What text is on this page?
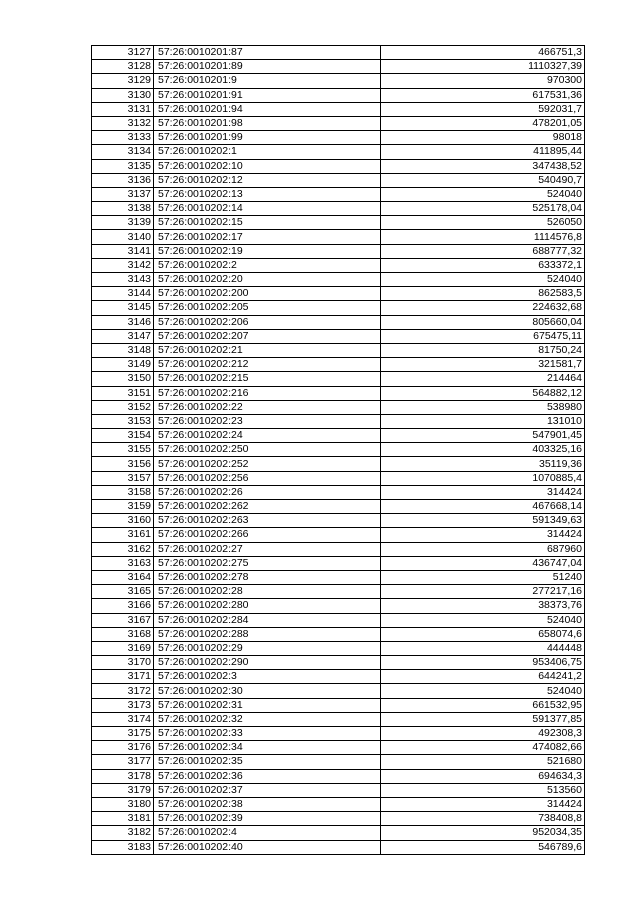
3127	57:26:0010201:87	466751,3
3128	57:26:0010201:89	1110327,39
3129	57:26:0010201:9	970300
3130	57:26:0010201:91	617531,36
3131	57:26:0010201:94	592031,7
3132	57:26:0010201:98	478201,05
3133	57:26:0010201:99	98018
3134	57:26:0010202:1	411895,44
3135	57:26:0010202:10	347438,52
3136	57:26:0010202:12	540490,7
3137	57:26:0010202:13	524040
3138	57:26:0010202:14	525178,04
3139	57:26:0010202:15	526050
3140	57:26:0010202:17	1114576,8
3141	57:26:0010202:19	688777,32
3142	57:26:0010202:2	633372,1
3143	57:26:0010202:20	524040
3144	57:26:0010202:200	862583,5
3145	57:26:0010202:205	224632,68
3146	57:26:0010202:206	805660,04
3147	57:26:0010202:207	675475,11
3148	57:26:0010202:21	81750,24
3149	57:26:0010202:212	321581,7
3150	57:26:0010202:215	214464
3151	57:26:0010202:216	564882,12
3152	57:26:0010202:22	538980
3153	57:26:0010202:23	131010
3154	57:26:0010202:24	547901,45
3155	57:26:0010202:250	403325,16
3156	57:26:0010202:252	35119,36
3157	57:26:0010202:256	1070885,4
3158	57:26:0010202:26	314424
3159	57:26:0010202:262	467668,14
3160	57:26:0010202:263	591349,63
3161	57:26:0010202:266	314424
3162	57:26:0010202:27	687960
3163	57:26:0010202:275	436747,04
3164	57:26:0010202:278	51240
3165	57:26:0010202:28	277217,16
3166	57:26:0010202:280	38373,76
3167	57:26:0010202:284	524040
3168	57:26:0010202:288	658074,6
3169	57:26:0010202:29	444448
3170	57:26:0010202:290	953406,75
3171	57:26:0010202:3	644241,2
3172	57:26:0010202:30	524040
3173	57:26:0010202:31	661532,95
3174	57:26:0010202:32	591377,85
3175	57:26:0010202:33	492308,3
3176	57:26:0010202:34	474082,66
3177	57:26:0010202:35	521680
3178	57:26:0010202:36	694634,3
3179	57:26:0010202:37	513560
3180	57:26:0010202:38	314424
3181	57:26:0010202:39	738408,8
3182	57:26:0010202:4	952034,35
3183	57:26:0010202:40	546789,6
